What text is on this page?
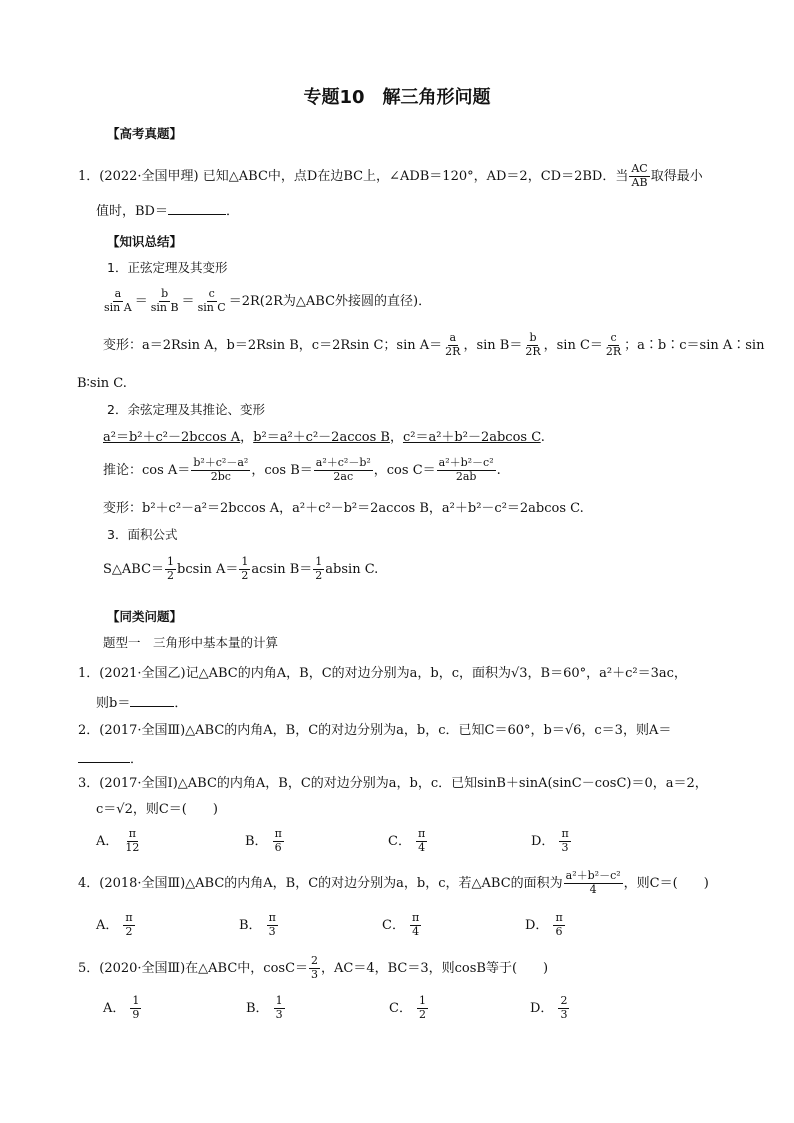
专题10　解三角形问题
【高考真题】
1．(2022·全国甲理) 已知△ABC中，点D在边BC上，∠ADB＝120°，AD＝2，CD＝2BD．当 $\frac{AC}{AB}$ 取得最小
值时，BD＝	．
【知识总结】
1．正弦定理及其变形
$\frac{a}{\text{sin A}} = \frac{b}{\text{sin B}} = \frac{c}{\text{sin C}} =2R(2R$为△ABC外接圆的直径)．
变形：a＝2Rsin A，b＝2Rsin B，c＝2Rsin C；$\sin A= \frac{a}{2R}$ ，$\sin B= \frac{b}{2R}$ ，$\sin C= \frac{c}{2R}$ ；a∶b∶c＝sin A∶sin
B∶sin C.
2．余弦定理及其推论、变形
a²＝b²＋c²－2bccos A，b²＝a²＋c²－2accos B，c²＝a²＋b²－2abcos C.
推论：$\cos A= \frac{\text{b²＋c²－a²}}{2bc}$ ，$\cos B= \frac{\text{a²＋c²－b²}}{2ac}$ ，$\cos C= \frac{\text{a²＋b²－c²}}{2ab}$ .
变形：b²＋c²－a²＝2bccos A，a²＋c²－b²＝2accos B，a²＋b²－c²＝2abcos C.
3．面积公式
S△ABC＝ $\frac{1}{2}$ bcsin $A= \frac{1}{2}$ acsin $B= \frac{1}{2}$ absin C.
【同类问题】
题型一　三角形中基本量的计算
1．(2021·全国乙)记△ABC的内角A，B，C的对边分别为a，b，c，面积为√3，B＝60°，a²＋c²＝3ac，
则b＝	．
2．(2017·全国Ⅲ)△ABC的内角A，B，C的对边分别为a，b，c．已知C＝60°，b＝√6，c＝3，则A＝
．
3．(2017·全国Ⅰ)△ABC的内角A，B，C的对边分别为a，b，c．已知sinB＋sinA(sinC－cosC)＝0，a＝2，
c＝√2，则C＝(　　)
A． $\frac{\pi}{12}$	B． $\frac{\pi}{6}$	C． $\frac{\pi}{4}$	D． $\frac{\pi}{3}$
4．(2018·全国Ⅲ)△ABC的内角A，B，C的对边分别为a，b，c，若△ABC的面积为 $\frac{\text{a²＋b²－c²}}{4}$ ，则C＝(　　)
A． $\frac{\pi}{2}$	B． $\frac{\pi}{3}$	C． $\frac{\pi}{4}$	D． $\frac{\pi}{6}$
5．(2020·全国Ⅲ)在△ABC中，$\cos C= \frac{2}{3}$ ，AC＝4，BC＝3，则cosB等于(　　)
A． $\frac{1}{9}$	B． $\frac{1}{3}$	C． $\frac{1}{2}$	D． $\frac{2}{3}$
